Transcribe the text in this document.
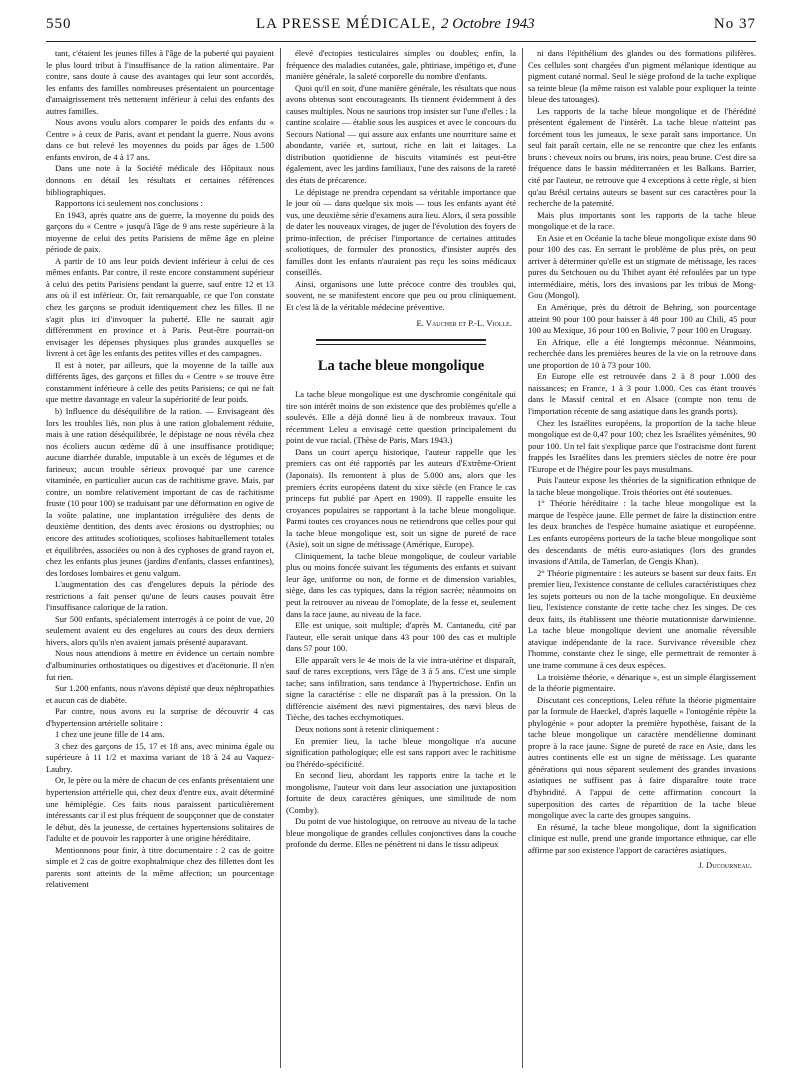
550	LA PRESSE MÉDICALE, 2 Octobre 1943	No 37

tant, c'étaient les jeunes filles à l'âge de la puberté qui payaient le plus lourd tribut à l'insuffisance de la ration alimentaire. Par contre, sans doute à cause des avantages qui leur sont accordés, les enfants des familles nombreuses présentaient un pourcentage d'amaigrissement très nettement inférieur à celui des enfants des autres familles.

Nous avons voulu alors comparer le poids des enfants du « Centre » à ceux de Paris, avant et pendant la guerre. Nous avons dans ce but relevé les moyennes du poids par âges de 1.500 enfants environ, de 4 à 17 ans.

Dans une note à la Société médicale des Hôpitaux nous donnons en détail les résultats et certaines références bibliographiques.

Rapportons ici seulement nos conclusions :

En 1943, après quatre ans de guerre, la moyenne du poids des garçons du « Centre » jusqu'à l'âge de 9 ans reste supérieure à la moyenne de celui des petits Parisiens de même âge en pleine période de paix.

A partir de 10 ans leur poids devient inférieur à celui de ces mêmes enfants. Par contre, il reste encore constamment supérieur à celui des petits Parisiens pendant la guerre, sauf entre 12 et 13 ans où il est inférieur. Or, fait remarquable, ce que l'on constate chez les garçons se produit identiquement chez les filles. Il ne s'agit plus ici d'invoquer la puberté. Elle ne saurait agir différemment en province et à Paris. Peut-être pourrait-on envisager les dépenses physiques plus grandes auxquelles se livrent à cet âge les enfants des petites villes et des campagnes.

Il est à noter, par ailleurs, que la moyenne de la taille aux différents âges, des garçons et filles du « Centre » se trouve être constamment inférieure à celle des petits Parisiens; ce qui ne fait que mettre davantage en valeur la supériorité de leur poids.

b) Influence du déséquilibre de la ration. — Envisageant dès lors les troubles liés, non plus à une ration globalement réduite, mais à une ration déséquilibrée, le dépistage ne nous révéla chez nos écoliers aucun œdème dû à une insuffisance protidique; aucune diarrhée durable, imputable à un excès de légumes et de farineux; aucun trouble sérieux provoqué par une carence vitaminée, en particulier aucun cas de rachitisme grave. Mais, par contre, un nombre relativement important de cas de rachitisme fruste (10 pour 100) se traduisant par une déformation en ogive de la voûte palatine, une implantation irrégulière des dents de deuxième dentition, des dents avec érosions ou dystrophies; ou encore des attitudes scoliotiques, scolioses habituellement totales et équilibrées, associées ou non à des cyphoses de grand rayon et, chez les enfants plus jeunes (jardins d'enfants, classes enfantines), des lordoses lombaires et genu valgum.

L'augmentation des cas d'engelures depuis la période des restrictions a fait penser qu'une de leurs causes pouvait être l'insuffisance calorique de la ration.

Sur 500 enfants, spécialement interrogés à ce point de vue, 20 seulement avaient eu des engelures au cours des deux derniers hivers, alors qu'ils n'en avaient jamais présenté auparavant.

Nous nous attendions à mettre en évidence un certain nombre d'albuminuries orthostatiques ou digestives et d'acétonurie. Il n'en fut rien.

Sur 1.200 enfants, nous n'avons dépisté que deux néphropathies et aucun cas de diabète.

Par contre, nous avons eu la surprise de découvrir 4 cas d'hypertension artérielle solitaire :

1 chez une jeune fille de 14 ans.

3 chez des garçons de 15, 17 et 18 ans, avec minima égale ou supérieure à 11 1/2 et maxima variant de 18 à 24 au Vaquez-Laubry.

Or, le père ou la mère de chacun de ces enfants présentaient une hypertension artérielle qui, chez deux d'entre eux, avait déterminé une hémiplégie. Ces faits nous paraissent particulièrement intéressants car il est plus fréquent de soupçonner que de constater le début, dès la jeunesse, de certaines hypertensions solitaires de l'adulte et de pouvoir les rapporter à une origine héréditaire.

Mentionnons pour finir, à titre documentaire : 2 cas de goitre simple et 2 cas de goitre exophtalmique chez des fillettes dont les parents sont atteints de la même affection; un pourcentage relativement

élevé d'ectopies testiculaires simples ou doubles; enfin, la fréquence des maladies cutanées, gale, phtiriase, impétigo et, d'une manière générale, la saleté corporelle du nombre d'enfants.

Quoi qu'il en soit, d'une manière générale, les résultats que nous avons obtenus sont encourageants. Ils tiennent évidemment à des causes multiples. Nous ne saurions trop insister sur l'une d'elles : la cantine scolaire — établie sous les auspices et avec le concours du Secours National — qui assure aux enfants une nourriture saine et abondante, variée et, surtout, riche en lait et laitages. La distribution quotidienne de biscuits vitaminés est peut-être également, avec les jardins familiaux, l'une des raisons de la rareté des états de précarence.

Le dépistage ne prendra cependant sa véritable importance que le jour où — dans quelque six mois — tous les enfants ayant été vus, une deuxième série d'examens aura lieu. Alors, il sera possible de dater les nouveaux virages, de juger de l'évolution des foyers de primo-infection, de préciser l'importance de certaines attitudes scoliotiques, de formuler des pronostics, d'insister auprès des familles dont les enfants n'auraient pas reçu les soins médicaux conseillés.

Ainsi, organisons une lutte précoce contre des troubles qui, souvent, ne se manifestent encore que peu ou prou cliniquement. Et c'est là de la véritable médecine préventive.

E. Vaucher et P.-L. Violle.

La tache bleue mongolique

La tache bleue mongolique est une dyschromie congénitale qui tire son intérêt moins de son existence que des problèmes qu'elle a soulevés. Elle a déjà donné lieu à de nombreux travaux. Tout récemment Leleu a envisagé cette question principalement du point de vue racial. (Thèse de Paris, Mars 1943.)

Dans un court aperçu historique, l'auteur rappelle que les premiers cas ont été rapportés par les auteurs d'Extrême-Orient (Japonais). Ils remontent à plus de 5.000 ans, alors que les premiers écrits européens datent du xixe siècle (en France le cas princeps fut publié par Apert en 1909). Il rappelle ensuite les croyances populaires se rapportant à la tache bleue mongolique. Parmi toutes ces croyances nous ne retiendrons que celles pour qui la tache bleue mongolique est, soit un signe de pureté de race (Asie), soit un signe de métissage (Amérique, Europe).

Cliniquement, la tache bleue mongolique, de couleur variable plus ou moins foncée suivant les téguments des enfants et suivant leur âge, uniforme ou non, de forme et de dimension variables, siège, dans les cas typiques, dans la région sacrée; néanmoins on peut la retrouver au niveau de l'omoplate, de la fesse et, seulement dans la race jaune, au niveau de la face.

Elle est unique, soit multiple; d'après M. Cantanedu, cité par l'auteur, elle serait unique dans 43 pour 100 des cas et multiple dans 57 pour 100.

Elle apparaît vers le 4e mois de la vie intra-utérine et disparaît, sauf de rares exceptions, vers l'âge de 3 à 5 ans. C'est une simple tache; sans infiltration, sans tendance à l'hypertrichose. Enfin un signe la caractérise : elle ne disparaît pas à la pression. On la différencie aisément des nævi pigmentaires, des nævi bleus de Tièche, des taches ecchymotiques.

Deux notions sont à retenir cliniquement :

En premier lieu, la tache bleue mongolique n'a aucune signification pathologique; elle est sans rapport avec le rachitisme ou l'hérédo-spécificité.

En second lieu, abordant les rapports entre la tache et le mongolisme, l'auteur voit dans leur association une juxtaposition fortuite de deux caractères géniques, une similitude de nom (Comby).

Du point de vue histologique, on retrouve au niveau de la tache bleue mongolique de grandes cellules conjonctives dans la couche profonde du derme. Elles ne pénètrent ni dans le tissu adipeux

ni dans l'épithélium des glandes ou des formations pilifères. Ces cellules sont chargées d'un pigment mélanique identique au pigment cutané normal. Seul le siège profond de la tache explique sa teinte bleue (la même raison est valable pour expliquer la teinte bleue des tatouages).

Les rapports de la tache bleue mongolique et de l'hérédité présentent également de l'intérêt. La tache bleue n'atteint pas forcément tous les jumeaux, le sexe paraît sans importance. Un seul fait paraît certain, elle ne se rencontre que chez les enfants bruns : cheveux noirs ou bruns, iris noirs, peau brune. C'est dire sa fréquence dans le bassin méditerranéen et les Balkans. Barrier, cité par l'auteur, ne retrouve que 4 exceptions à cette règle, si bien qu'au Brésil certains auteurs se basent sur ces caractères pour la recherche de la paternité.

Mais plus importants sont les rapports de la tache bleue mongolique et de la race.

En Asie et en Océanie la tache bleue mongolique existe dans 90 pour 100 des cas. En serrant le problème de plus près, on peut arriver à déterminer qu'elle est un stigmate de métissage, les races pures du Setchouen ou du Thibet ayant été refoulées par un type intermédiaire, métis, lors des invasions par les tribus de Mong-Gou (Mongol).

En Amérique, près du détroit de Behring, son pourcentage atteint 90 pour 100 pour baisser à 48 pour 100 au Chili, 45 pour 100 au Mexique, 16 pour 100 en Bolivie, 7 pour 100 en Uruguay.

En Afrique, elle a été longtemps méconnue. Néanmoins, recherchée dans les premières heures de la vie on la retrouve dans une proportion de 10 à 73 pour 100.

En Europe elle est retrouvée dans 2 à 8 pour 1.000 des naissances; en France, 1 à 3 pour 1.000. Ces cas étant trouvés dans le Massif central et en Alsace (compte non tenu de l'importation récente de sang asiatique dans les grands ports).

Chez les Israélites européens, la proportion de la tache bleue mongolique est de 0,47 pour 100; chez les Israélites yéménites, 90 pour 100. Un tel fait s'explique parce que l'ostracisme dont furent frappés les Israélites dans les premiers siècles de notre ère pour l'Europe et de l'hégire pour les pays musulmans.

Puis l'auteur expose les théories de la signification ethnique de la tache bleue mongolique. Trois théories ont été soutenues.

1° Théorie héréditaire : la tache bleue mongolique est la marque de l'espèce jaune. Elle permet de faire la distinction entre les deux branches de l'espèce humaine asiatique et européenne. Les enfants européens porteurs de la tache bleue mongolique sont des descendants de métis euro-asiatiques (lors des grandes invasions d'Attila, de Tamerlan, de Gengis Khan).

2° Théorie pigmentaire : les auteurs se basent sur deux faits. En premier lieu, l'existence constante de cellules caractéristiques chez les sujets porteurs ou non de la tache mongolique. En deuxième lieu, l'existence constante de cette tache chez les singes. De ces deux faits, ils établissent une théorie mutationniste darwinienne. La tache bleue mongolique devient une anomalie réversible atavique indépendante de la race. Survivance réversible chez l'homme, constante chez le singe, elle permettrait de remonter à une trame commune à ces deux espèces.

La troisième théorie, « dénarique », est un simple élargissement de la théorie pigmentaire.

Discutant ces conceptions, Leleu réfute la théorie pigmentaire par la formule de Haeckel, d'après laquelle « l'ontogénie répète la phylogénie » pour adopter la première hypothèse, faisant de la tache bleue mongolique un caractère mendélienne dominant propre à la race jaune. Signe de pureté de race en Asie, dans les autres continents elle est un signe de métissage. Les quarante générations qui nous séparent seulement des grandes invasions asiatiques ne suffisent pas à faire disparaître toute trace d'hybridité. A l'appui de cette affirmation concourt la superposition des cartes de répartition de la tache bleue mongolique avec la carte des groupes sanguins.

En résumé, la tache bleue mongolique, dont la signification clinique est nulle, prend une grande importance ethnique, car elle affirme par son existence l'apport de caractères asiatiques.

J. Ducourneau.
